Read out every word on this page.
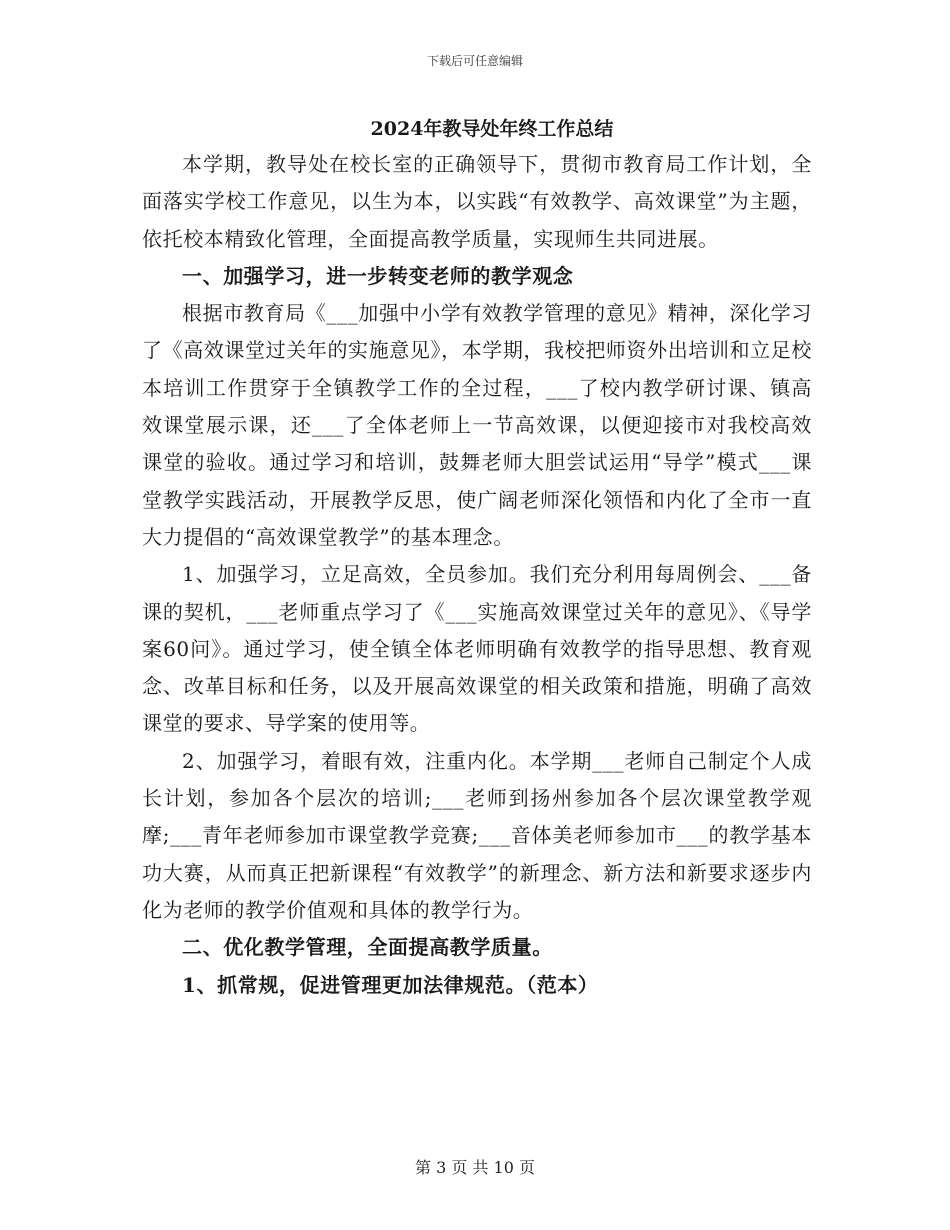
下载后可任意编辑
2024年教导处年终工作总结

本学期，教导处在校长室的正确领导下，贯彻市教育局工作计划，全面落实学校工作意见，以生为本，以实践“有效教学、高效课堂”为主题，依托校本精致化管理，全面提高教学质量，实现师生共同进展。

一、加强学习，进一步转变老师的教学观念

根据市教育局《___加强中小学有效教学管理的意见》精神，深化学习了《高效课堂过关年的实施意见》，本学期，我校把师资外出培训和立足校本培训工作贯穿于全镇教学工作的全过程，___了校内教学研讨课、镇高效课堂展示课，还___了全体老师上一节高效课，以便迎接市对我校高效课堂的验收。通过学习和培训，鼓舞老师大胆尝试运用“导学”模式___课堂教学实践活动，开展教学反思，使广阔老师深化领悟和内化了全市一直大力提倡的“高效课堂教学”的基本理念。

1、加强学习，立足高效，全员参加。我们充分利用每周例会、___备课的契机，___老师重点学习了《___实施高效课堂过关年的意见》、《导学案60问》。通过学习，使全镇全体老师明确有效教学的指导思想、教育观念、改革目标和任务，以及开展高效课堂的相关政策和措施，明确了高效课堂的要求、导学案的使用等。

2、加强学习，着眼有效，注重内化。本学期___老师自己制定个人成长计划，参加各个层次的培训;___老师到扬州参加各个层次课堂教学观摩;___青年老师参加市课堂教学竞赛;___音体美老师参加市___的教学基本功大赛，从而真正把新课程“有效教学”的新理念、新方法和新要求逐步内化为老师的教学价值观和具体的教学行为。

二、优化教学管理，全面提高教学质量。

1、抓常规，促进管理更加法律规范。（范本）

第 3 页 共 10 页
